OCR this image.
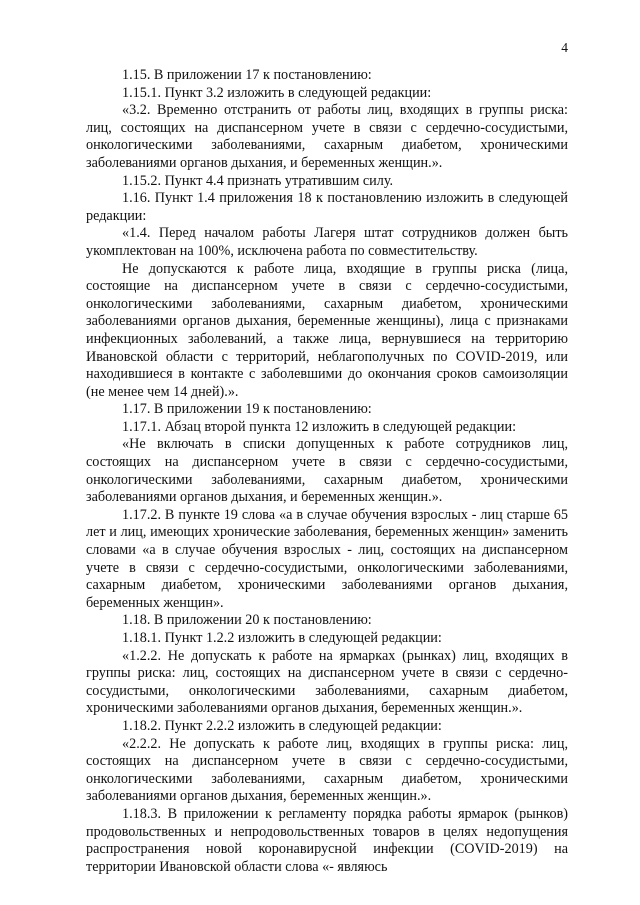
4

1.15. В приложении 17 к постановлению:

1.15.1. Пункт 3.2 изложить в следующей редакции:

«3.2. Временно отстранить от работы лиц, входящих в группы риска: лиц, состоящих на диспансерном учете в связи с сердечно-сосудистыми, онкологическими заболеваниями, сахарным диабетом, хроническими заболеваниями органов дыхания, и беременных женщин.».

1.15.2. Пункт 4.4 признать утратившим силу.

1.16. Пункт 1.4 приложения 18 к постановлению изложить в следующей редакции:

«1.4. Перед началом работы Лагеря штат сотрудников должен быть укомплектован на 100%, исключена работа по совместительству.

Не допускаются к работе лица, входящие в группы риска (лица, состоящие на диспансерном учете в связи с сердечно-сосудистыми, онкологическими заболеваниями, сахарным диабетом, хроническими заболеваниями органов дыхания, беременные женщины), лица с признаками инфекционных заболеваний, а также лица, вернувшиеся на территорию Ивановской области с территорий, неблагополучных по COVID-2019, или находившиеся в контакте с заболевшими до окончания сроков самоизоляции (не менее чем 14 дней).».

1.17. В приложении 19 к постановлению:

1.17.1. Абзац второй пункта 12 изложить в следующей редакции:

«Не включать в списки допущенных к работе сотрудников лиц, состоящих на диспансерном учете в связи с сердечно-сосудистыми, онкологическими заболеваниями, сахарным диабетом, хроническими заболеваниями органов дыхания, и беременных женщин.».

1.17.2. В пункте 19 слова «а в случае обучения взрослых - лиц старше 65 лет и лиц, имеющих хронические заболевания, беременных женщин» заменить словами «а в случае обучения взрослых - лиц, состоящих на диспансерном учете в связи с сердечно-сосудистыми, онкологическими заболеваниями, сахарным диабетом, хроническими заболеваниями органов дыхания, беременных женщин».

1.18. В приложении 20 к постановлению:

1.18.1. Пункт 1.2.2 изложить в следующей редакции:

«1.2.2. Не допускать к работе на ярмарках (рынках) лиц, входящих в группы риска: лиц, состоящих на диспансерном учете в связи с сердечно-сосудистыми, онкологическими заболеваниями, сахарным диабетом, хроническими заболеваниями органов дыхания, беременных женщин.».

1.18.2. Пункт 2.2.2 изложить в следующей редакции:

«2.2.2. Не допускать к работе лиц, входящих в группы риска: лиц, состоящих на диспансерном учете в связи с сердечно-сосудистыми, онкологическими заболеваниями, сахарным диабетом, хроническими заболеваниями органов дыхания, беременных женщин.».

1.18.3. В приложении к регламенту порядка работы ярмарок (рынков) продовольственных и непродовольственных товаров в целях недопущения распространения новой коронавирусной инфекции (COVID-2019) на территории Ивановской области слова «- являюсь
